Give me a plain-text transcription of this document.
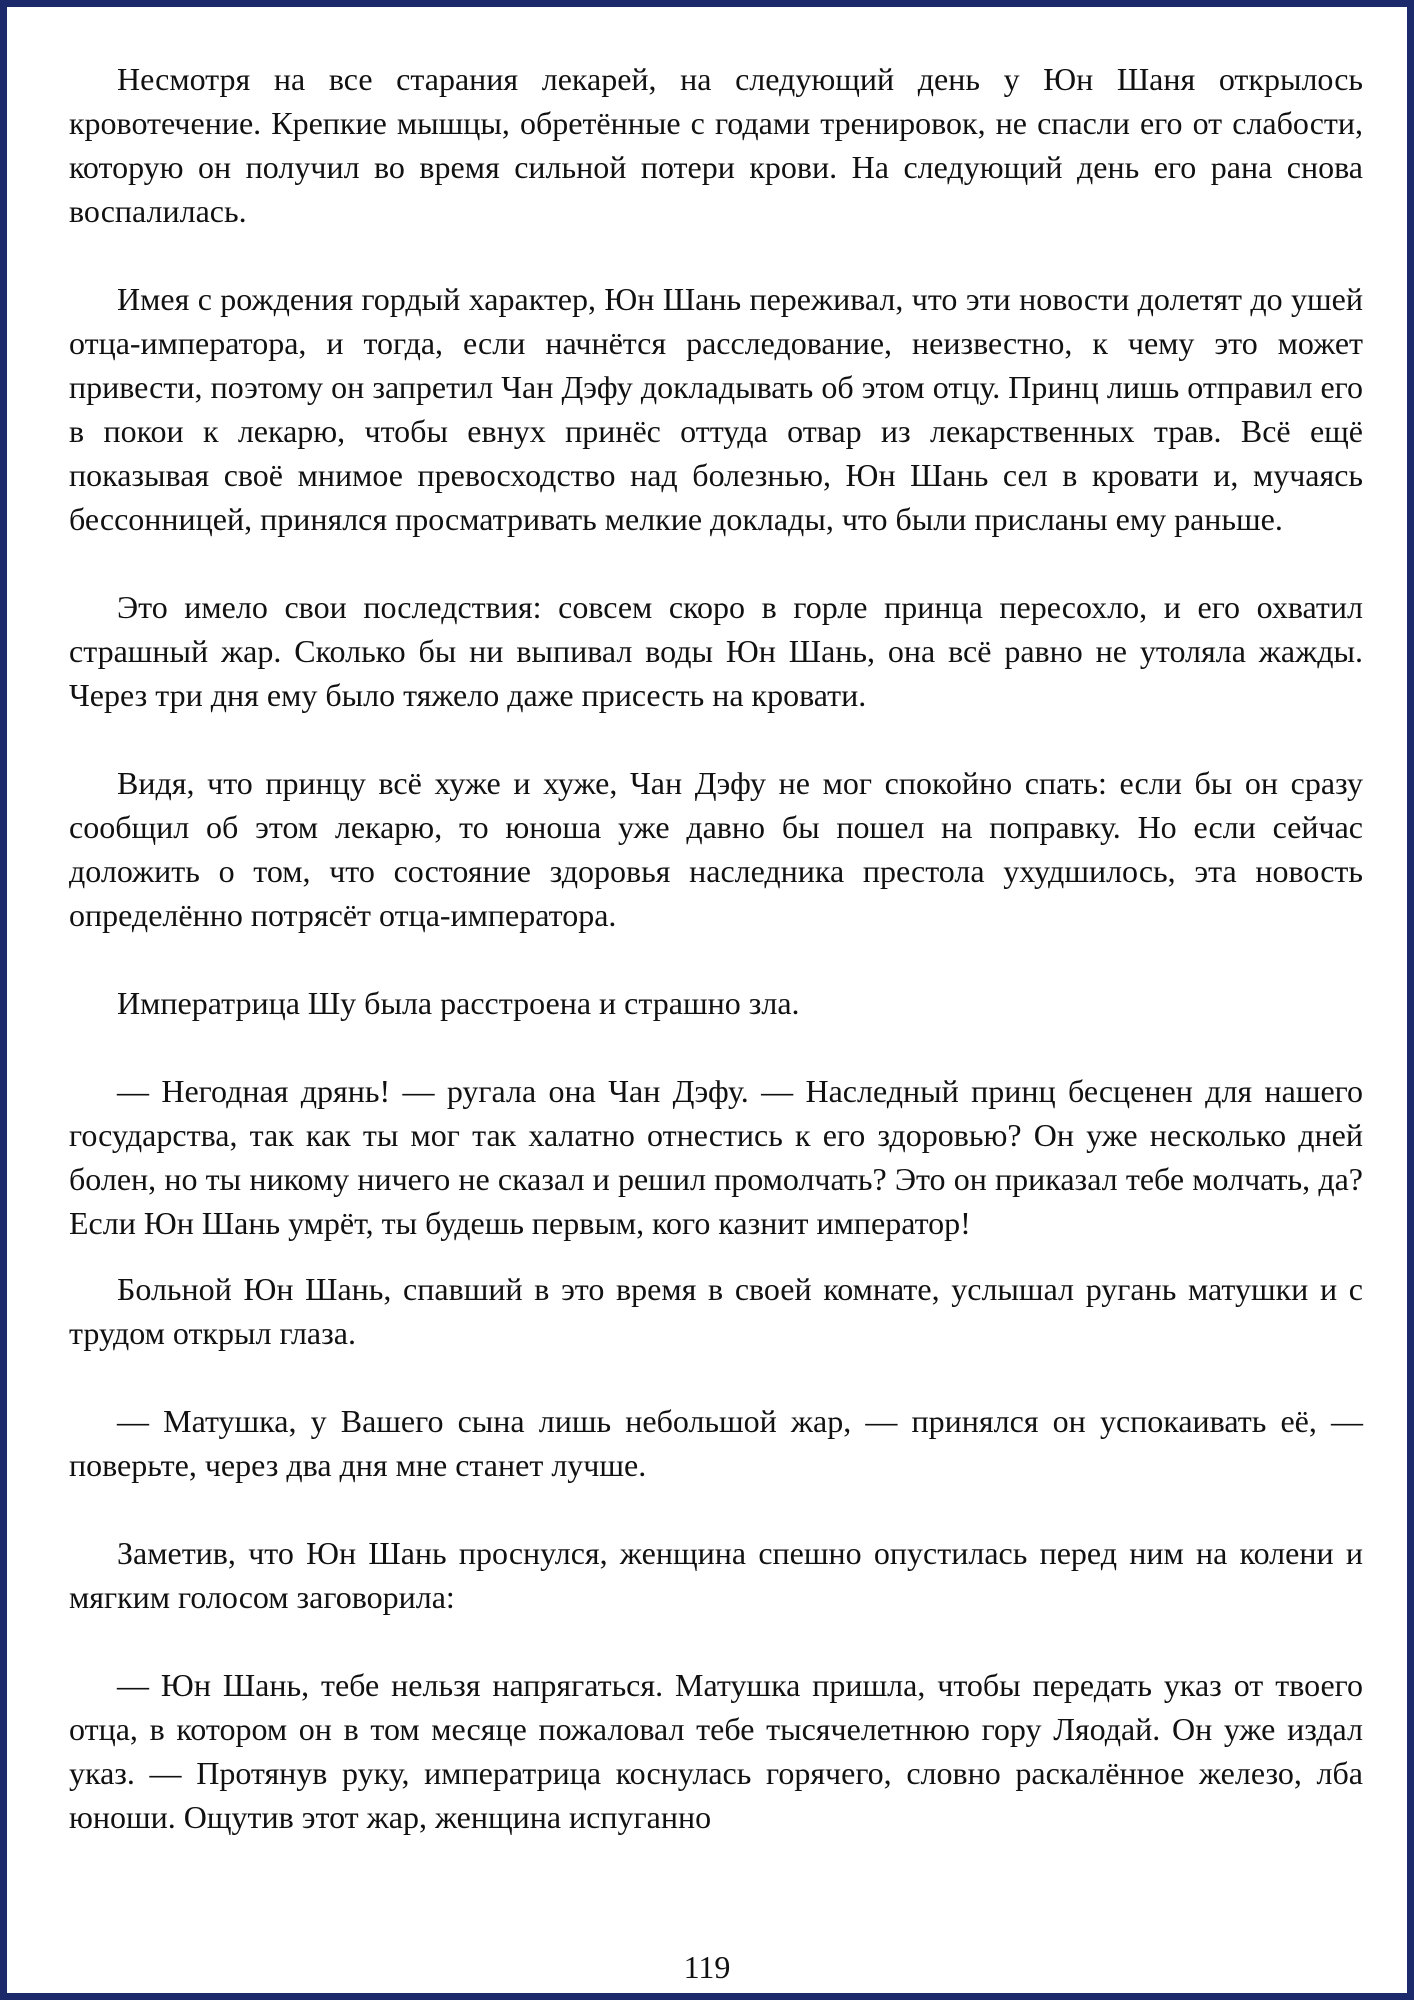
Несмотря на все старания лекарей, на следующий день у Юн Шаня открылось кровотечение. Крепкие мышцы, обретённые с годами тренировок, не спасли его от слабости, которую он получил во время сильной потери крови. На следующий день его рана снова воспалилась.

Имея с рождения гордый характер, Юн Шань переживал, что эти новости долетят до ушей отца-императора, и тогда, если начнётся расследование, неизвестно, к чему это может привести, поэтому он запретил Чан Дэфу докладывать об этом отцу. Принц лишь отправил его в покои к лекарю, чтобы евнух принёс оттуда отвар из лекарственных трав. Всё ещё показывая своё мнимое превосходство над болезнью, Юн Шань сел в кровати и, мучаясь бессонницей, принялся просматривать мелкие доклады, что были присланы ему раньше.

Это имело свои последствия: совсем скоро в горле принца пересохло, и его охватил страшный жар. Сколько бы ни выпивал воды Юн Шань, она всё равно не утоляла жажды. Через три дня ему было тяжело даже присесть на кровати.

Видя, что принцу всё хуже и хуже, Чан Дэфу не мог спокойно спать: если бы он сразу сообщил об этом лекарю, то юноша уже давно бы пошел на поправку. Но если сейчас доложить о том, что состояние здоровья наследника престола ухудшилось, эта новость определённо потрясёт отца-императора.

Императрица Шу была расстроена и страшно зла.

— Негодная дрянь! — ругала она Чан Дэфу. — Наследный принц бесценен для нашего государства, так как ты мог так халатно отнестись к его здоровью? Он уже несколько дней болен, но ты никому ничего не сказал и решил промолчать? Это он приказал тебе молчать, да? Если Юн Шань умрёт, ты будешь первым, кого казнит император!

Больной Юн Шань, спавший в это время в своей комнате, услышал ругань матушки и с трудом открыл глаза.

— Матушка, у Вашего сына лишь небольшой жар, — принялся он успокаивать её, — поверьте, через два дня мне станет лучше.

Заметив, что Юн Шань проснулся, женщина спешно опустилась перед ним на колени и мягким голосом заговорила:

— Юн Шань, тебе нельзя напрягаться. Матушка пришла, чтобы передать указ от твоего отца, в котором он в том месяце пожаловал тебе тысячелетнюю гору Ляодай. Он уже издал указ. — Протянув руку, императрица коснулась горячего, словно раскалённое железо, лба юноши. Ощутив этот жар, женщина испуганно

119
